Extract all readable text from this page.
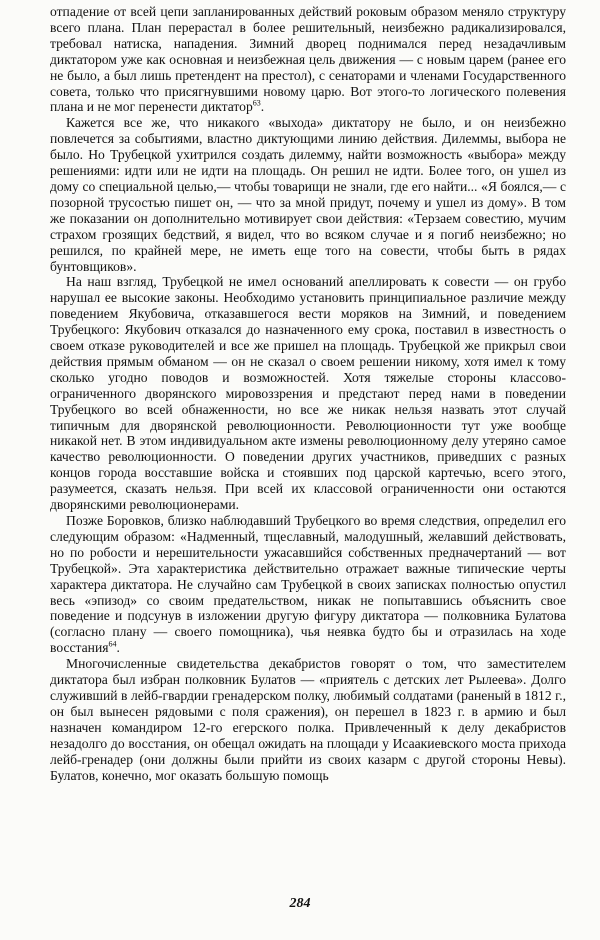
отпадение от всей цепи запланированных действий роковым образом меняло структуру всего плана. План перерастал в более решительный, неизбежно радикализировался, требовал натиска, нападения. Зимний дворец поднимался перед незадачливым диктатором уже как основная и неизбежная цель движения — с новым царем (ранее его не было, а был лишь претендент на престол), с сенаторами и членами Государственного совета, только что присягнувшими новому царю. Вот этого-то логического полевения плана и не мог перенести диктатор$^{63}$.

Кажется все же, что никакого «выхода» диктатору не было, и он неизбежно повлечется за событиями, властно диктующими линию действия. Дилеммы, выбора не было. Но Трубецкой ухитрился создать дилемму, найти возможность «выбора» между решениями: идти или не идти на площадь. Он решил не идти. Более того, он ушел из дому со специальной целью,— чтобы товарищи не знали, где его найти... «Я боялся,— с позорной трусостью пишет он, — что за мной придут, почему и ушел из дому». В том же показании он дополнительно мотивирует свои действия: «Терзаем совестию, мучим страхом грозящих бедствий, я видел, что во всяком случае и я погиб неизбежно; но решился, по крайней мере, не иметь еще того на совести, чтобы быть в рядах бунтовщиков».

На наш взгляд, Трубецкой не имел оснований апеллировать к совести — он грубо нарушал ее высокие законы. Необходимо установить принципиальное различие между поведением Якубовича, отказавшегося вести моряков на Зимний, и поведением Трубецкого: Якубович отказался до назначенного ему срока, поставил в известность о своем отказе руководителей и все же пришел на площадь. Трубецкой же прикрыл свои действия прямым обманом — он не сказал о своем решении никому, хотя имел к тому сколько угодно поводов и возможностей. Хотя тяжелые стороны классово-ограниченного дворянского мировоззрения и предстают перед нами в поведении Трубецкого во всей обнаженности, но все же никак нельзя назвать этот случай типичным для дворянской революционности. Революционности тут уже вообще никакой нет. В этом индивидуальном акте измены революционному делу утеряно самое качество революционности. О поведении других участников, приведших с разных концов города восставшие войска и стоявших под царской картечью, всего этого, разумеется, сказать нельзя. При всей их классовой ограниченности они остаются дворянскими революционерами.

Позже Боровков, близко наблюдавший Трубецкого во время следствия, определил его следующим образом: «Надменный, тщеславный, малодушный, желавший действовать, но по робости и нерешительности ужасавшийся собственных предначертаний — вот Трубецкой». Эта характеристика действительно отражает важные типические черты характера диктатора. Не случайно сам Трубецкой в своих записках полностью опустил весь «эпизод» со своим предательством, никак не попытавшись объяснить свое поведение и подсунув в изложении другую фигуру диктатора — полковника Булатова (согласно плану — своего помощника), чья неявка будто бы и отразилась на ходе восстания$^{64}$.

Многочисленные свидетельства декабристов говорят о том, что заместителем диктатора был избран полковник Булатов — «приятель с детских лет Рылеева». Долго служивший в лейб-гвардии гренадерском полку, любимый солдатами (раненый в 1812 г., он был вынесен рядовыми с поля сражения), он перешел в 1823 г. в армию и был назначен командиром 12-го егерского полка. Привлеченный к делу декабристов незадолго до восстания, он обещал ожидать на площади у Исаакиевского моста прихода лейб-гренадер (они должны были прийти из своих казарм с другой стороны Невы). Булатов, конечно, мог оказать большую помощь

284
